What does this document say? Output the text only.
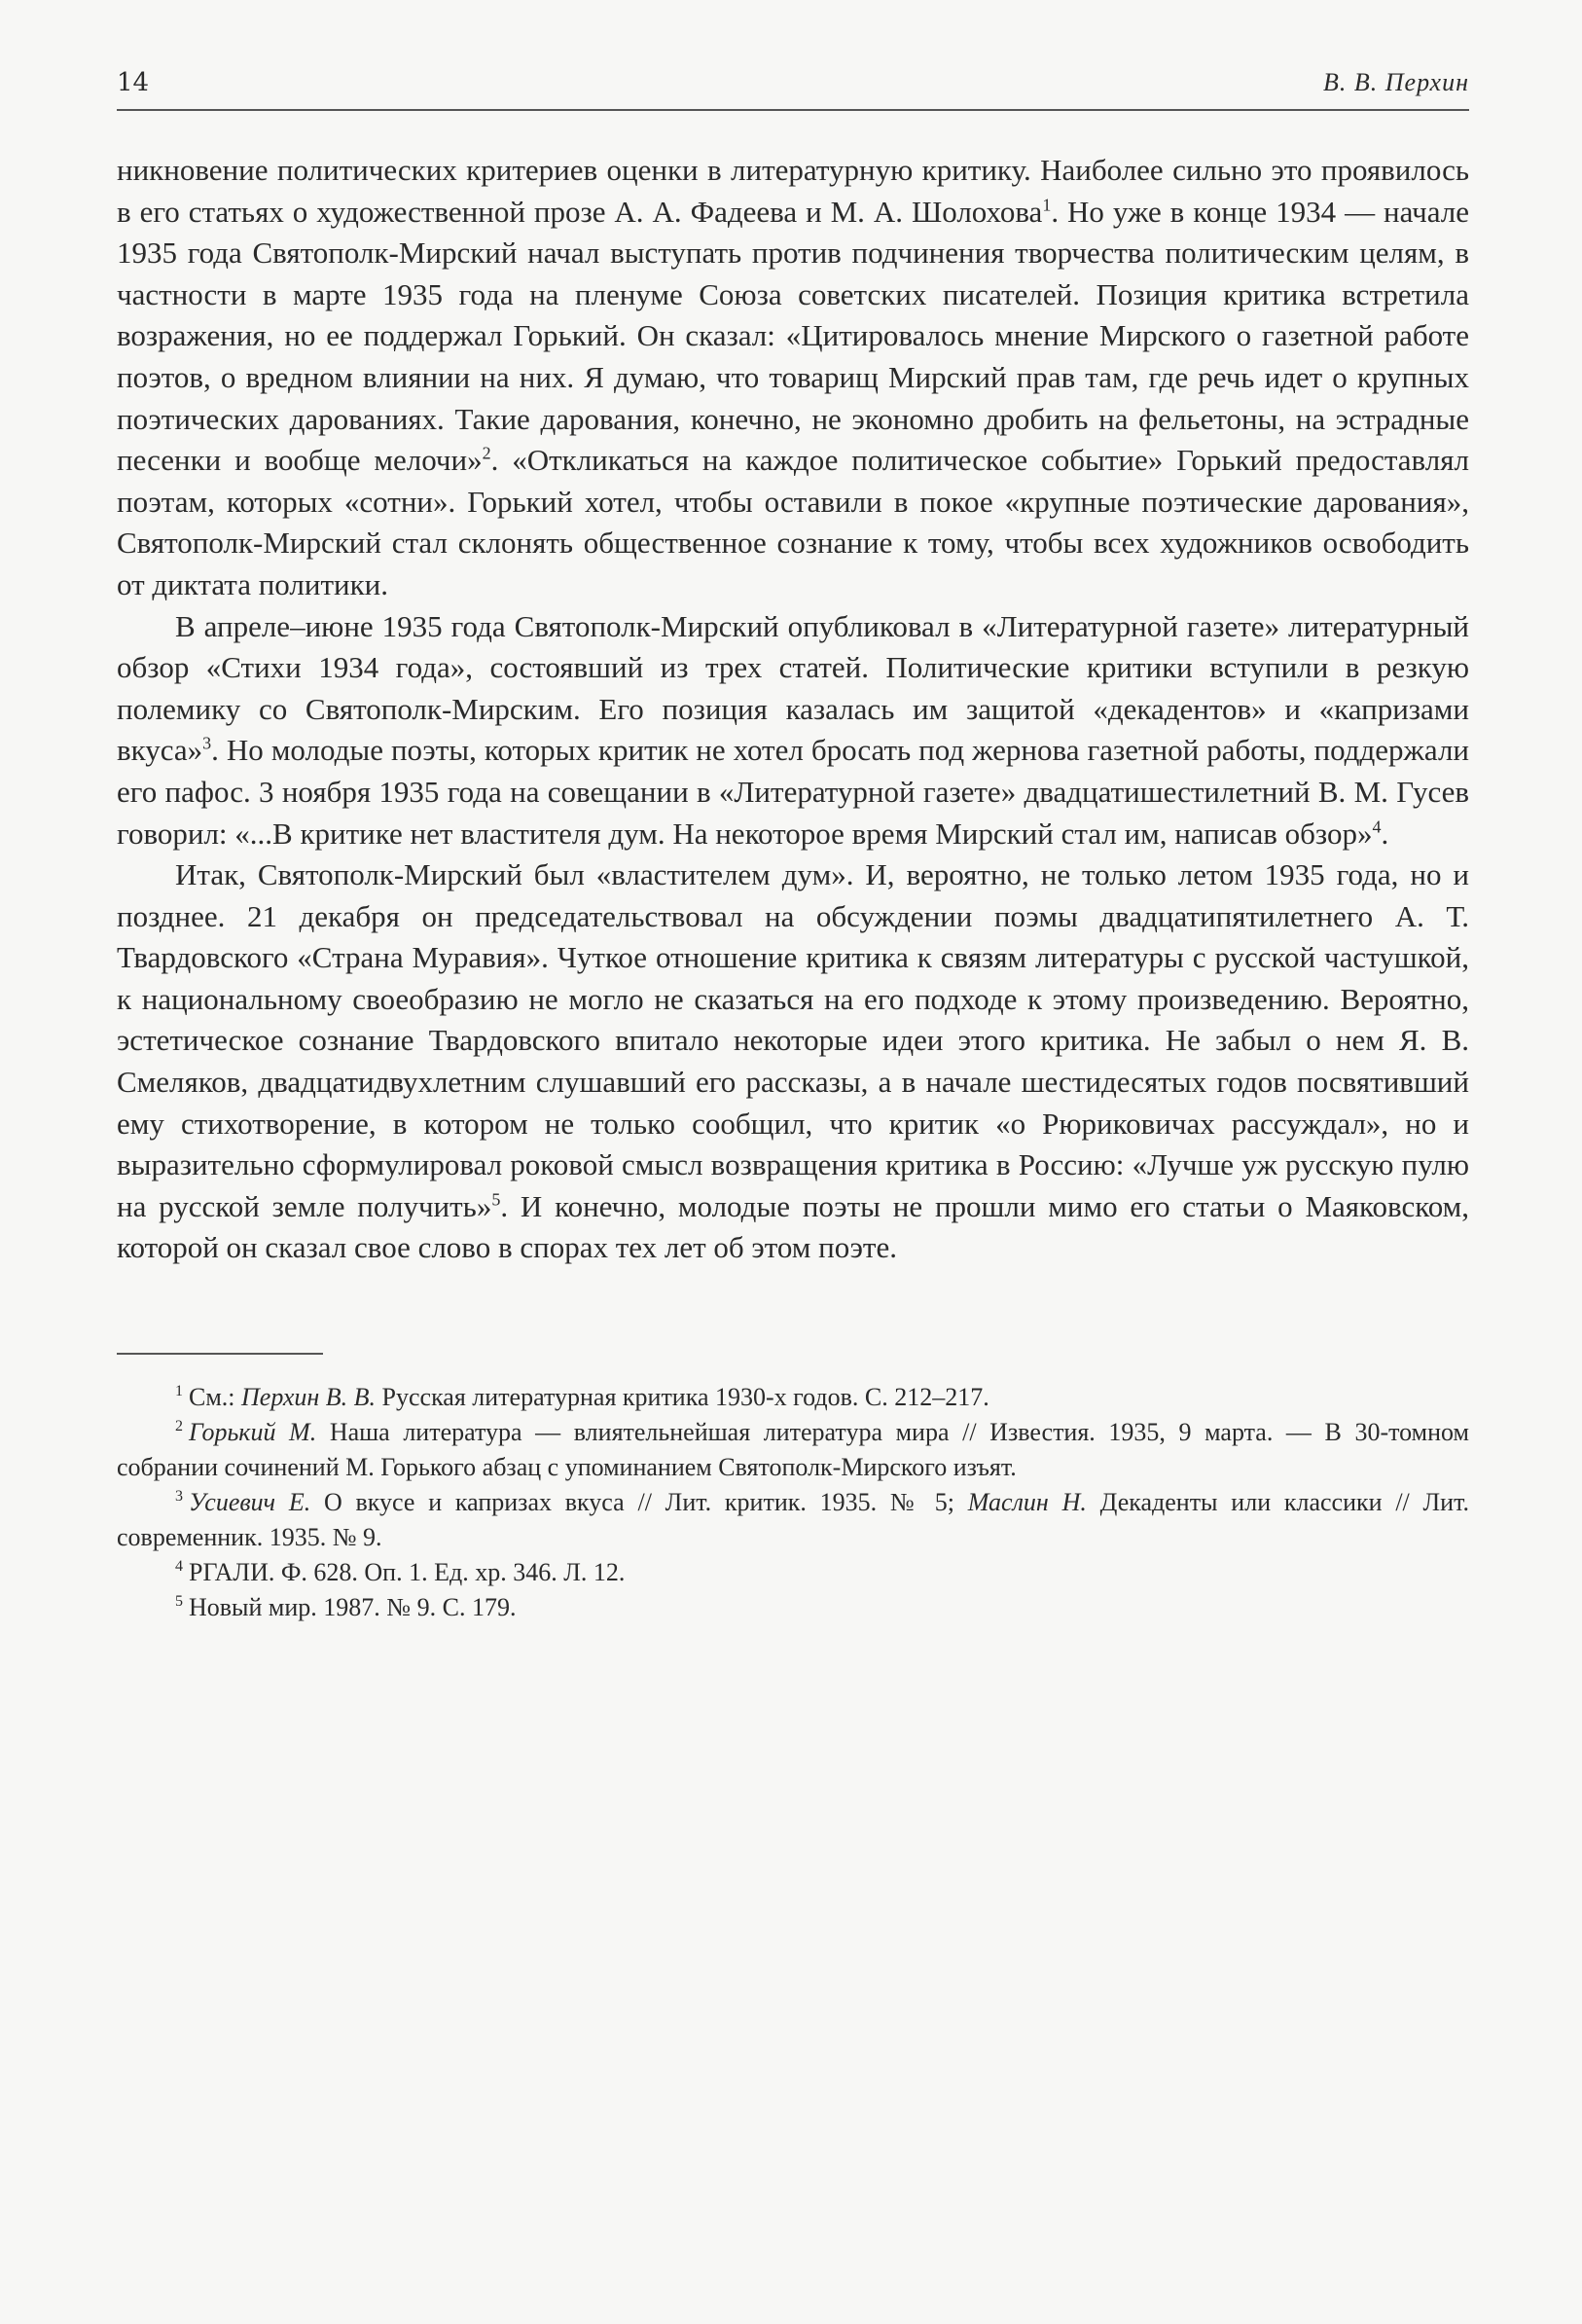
14	В. В. Перхин

никновение политических критериев оценки в литературную критику. Наиболее сильно это проявилось в его статьях о художественной прозе А. А. Фадеева и М. А. Шолохова$^1$. Но уже в конце 1934 — начале 1935 года Святополк-Мирский начал выступать против подчинения творчества политическим целям, в частности в марте 1935 года на пленуме Союза советских писателей. Позиция критика встретила возражения, но ее поддержал Горький. Он сказал: «Цитировалось мнение Мирского о газетной работе поэтов, о вредном влиянии на них. Я думаю, что товарищ Мирский прав там, где речь идет о крупных поэтических дарованиях. Такие дарования, конечно, не экономно дробить на фельетоны, на эстрадные песенки и вообще мелочи»$^2$. «Откликаться на каждое политическое событие» Горький предоставлял поэтам, которых «сотни». Горький хотел, чтобы оставили в покое «крупные поэтические дарования», Святополк-Мирский стал склонять общественное сознание к тому, чтобы всех художников освободить от диктата политики.

В апреле–июне 1935 года Святополк-Мирский опубликовал в «Литературной газете» литературный обзор «Стихи 1934 года», состоявший из трех статей. Политические критики вступили в резкую полемику со Святополк-Мирским. Его позиция казалась им защитой «декадентов» и «капризами вкуса»$^3$. Но молодые поэты, которых критик не хотел бросать под жернова газетной работы, поддержали его пафос. 3 ноября 1935 года на совещании в «Литературной газете» двадцатишестилетний В. М. Гусев говорил: «...В критике нет властителя дум. На некоторое время Мирский стал им, написав обзор»$^4$.

Итак, Святополк-Мирский был «властителем дум». И, вероятно, не только летом 1935 года, но и позднее. 21 декабря он председательствовал на обсуждении поэмы двадцатипятилетнего А. Т. Твардовского «Страна Муравия». Чуткое отношение критика к связям литературы с русской частушкой, к национальному своеобразию не могло не сказаться на его подходе к этому произведению. Вероятно, эстетическое сознание Твардовского впитало некоторые идеи этого критика. Не забыл о нем Я. В. Смеляков, двадцатидвухлетним слушавший его рассказы, а в начале шестидесятых годов посвятивший ему стихотворение, в котором не только сообщил, что критик «о Рюриковичах рассуждал», но и выразительно сформулировал роковой смысл возвращения критика в Россию: «Лучше уж русскую пулю на русской земле получить»$^5$. И конечно, молодые поэты не прошли мимо его статьи о Маяковском, которой он сказал свое слово в спорах тех лет об этом поэте.

$^1$ См.: Перхин В. В. Русская литературная критика 1930-х годов. С. 212–217.

$^2$ Горький М. Наша литература — влиятельнейшая литература мира // Известия. 1935, 9 марта. — В 30-томном собрании сочинений М. Горького абзац с упоминанием Святополк-Мирского изъят.

$^3$ Усиевич Е. О вкусе и капризах вкуса // Лит. критик. 1935. № 5; Маслин Н. Декаденты или классики // Лит. современник. 1935. № 9.

$^4$ РГАЛИ. Ф. 628. Оп. 1. Ед. хр. 346. Л. 12.

$^5$ Новый мир. 1987. № 9. С. 179.
